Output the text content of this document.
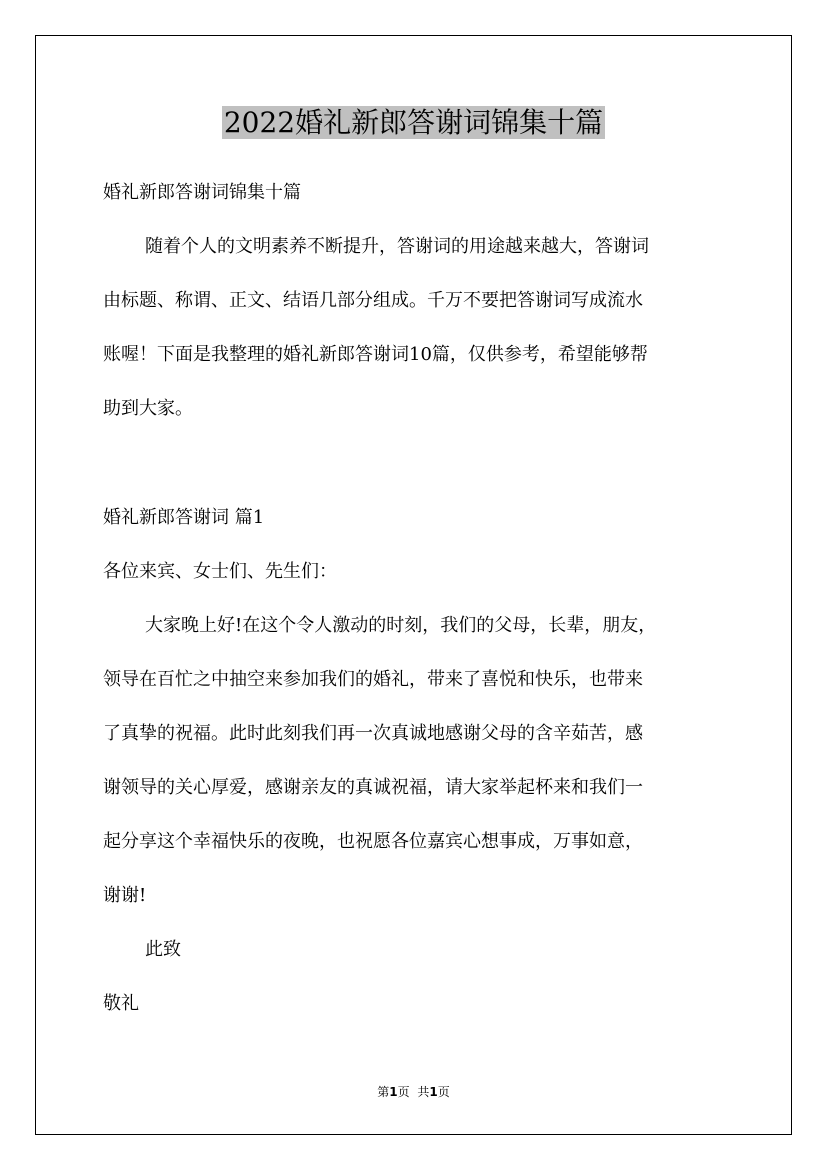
2022婚礼新郎答谢词锦集十篇

婚礼新郎答谢词锦集十篇

随着个人的文明素养不断提升，答谢词的用途越来越大，答谢词

由标题、称谓、正文、结语几部分组成。千万不要把答谢词写成流水

账喔！下面是我整理的婚礼新郎答谢词10篇，仅供参考，希望能够帮

助到大家。

婚礼新郎答谢词 篇1

各位来宾、女士们、先生们：

大家晚上好!在这个令人激动的时刻，我们的父母，长辈，朋友，

领导在百忙之中抽空来参加我们的婚礼，带来了喜悦和快乐，也带来

了真挚的祝福。此时此刻我们再一次真诚地感谢父母的含辛茹苦，感

谢领导的关心厚爱，感谢亲友的真诚祝福，请大家举起杯来和我们一

起分享这个幸福快乐的夜晚，也祝愿各位嘉宾心想事成，万事如意，

谢谢!

此致

敬礼

第1页 共1页
